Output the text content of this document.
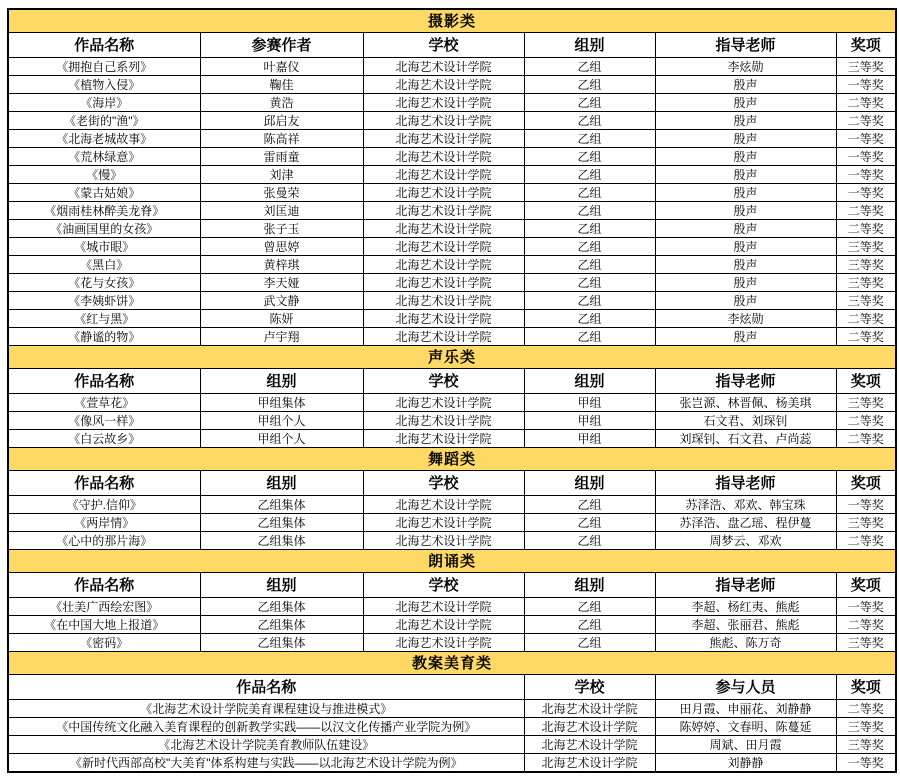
摄影类					
作品名称	参赛作者	学校	组别	指导老师	奖项
《拥抱自己系列》	叶嘉仪	北海艺术设计学院	乙组	李炫勋	三等奖
《植物入侵》	鞠佳	北海艺术设计学院	乙组	殷声	一等奖
《海岸》	黄浩	北海艺术设计学院	乙组	殷声	二等奖
《老街的"渔"》	邱启友	北海艺术设计学院	乙组	殷声	二等奖
《北海老城故事》	陈高祥	北海艺术设计学院	乙组	殷声	一等奖
《荒林绿意》	雷雨童	北海艺术设计学院	乙组	殷声	一等奖
《慢》	刘津	北海艺术设计学院	乙组	殷声	一等奖
《蒙古姑娘》	张曼荣	北海艺术设计学院	乙组	殷声	一等奖
《烟雨桂林醉美龙脊》	刘匡迪	北海艺术设计学院	乙组	殷声	二等奖
《油画国里的女孩》	张子玉	北海艺术设计学院	乙组	殷声	二等奖
《城市眼》	曾思婷	北海艺术设计学院	乙组	殷声	三等奖
《黑白》	黄梓琪	北海艺术设计学院	乙组	殷声	三等奖
《花与女孩》	李天娅	北海艺术设计学院	乙组	殷声	三等奖
《李姨虾饼》	武文静	北海艺术设计学院	乙组	殷声	三等奖
《红与黑》	陈妍	北海艺术设计学院	乙组	李炫勋	二等奖
《静谧的物》	卢宇翔	北海艺术设计学院	乙组	殷声	二等奖
声乐类					
作品名称	组别	学校	组别	指导老师	奖项
《萱草花》	甲组集体	北海艺术设计学院	甲组	张岂源、林晋佩、杨美琪	三等奖
《像风一样》	甲组个人	北海艺术设计学院	甲组	石文君、刘琛钊	二等奖
《白云故乡》	甲组个人	北海艺术设计学院	甲组	刘琛钊、石文君、卢尚蕊	二等奖
舞蹈类					
作品名称	组别	学校	组别	指导老师	奖项
《守护.信仰》	乙组集体	北海艺术设计学院	乙组	苏泽浩、邓欢、韩宝珠	一等奖
《两岸情》	乙组集体	北海艺术设计学院	乙组	苏泽浩、盘乙瑶、程伊蔓	三等奖
《心中的那片海》	乙组集体	北海艺术设计学院	乙组	周梦云、邓欢	二等奖
朗诵类					
作品名称	组别	学校	组别	指导老师	奖项
《壮美广西绘宏图》	乙组集体	北海艺术设计学院	乙组	李超、杨红夷、熊彪	一等奖
《在中国大地上报道》	乙组集体	北海艺术设计学院	乙组	李超、张丽君、熊彪	二等奖
《密码》	乙组集体	北海艺术设计学院	乙组	熊彪、陈万奇	三等奖
教案美育类					
作品名称			学校	参与人员	奖项
《北海艺术设计学院美育课程建设与推进模式》			北海艺术设计学院	田月霞、申丽花、刘静静	二等奖
《中国传统文化融入美育课程的创新教学实践——以汉文化传播产业学院为例》			北海艺术设计学院	陈婷婷、文春明、陈蔓延	三等奖
《北海艺术设计学院美育教师队伍建设》			北海艺术设计学院	周斌、田月霞	三等奖
《新时代西部高校"大美育"体系构建与实践——以北海艺术设计学院为例》			北海艺术设计学院	刘静静	一等奖
